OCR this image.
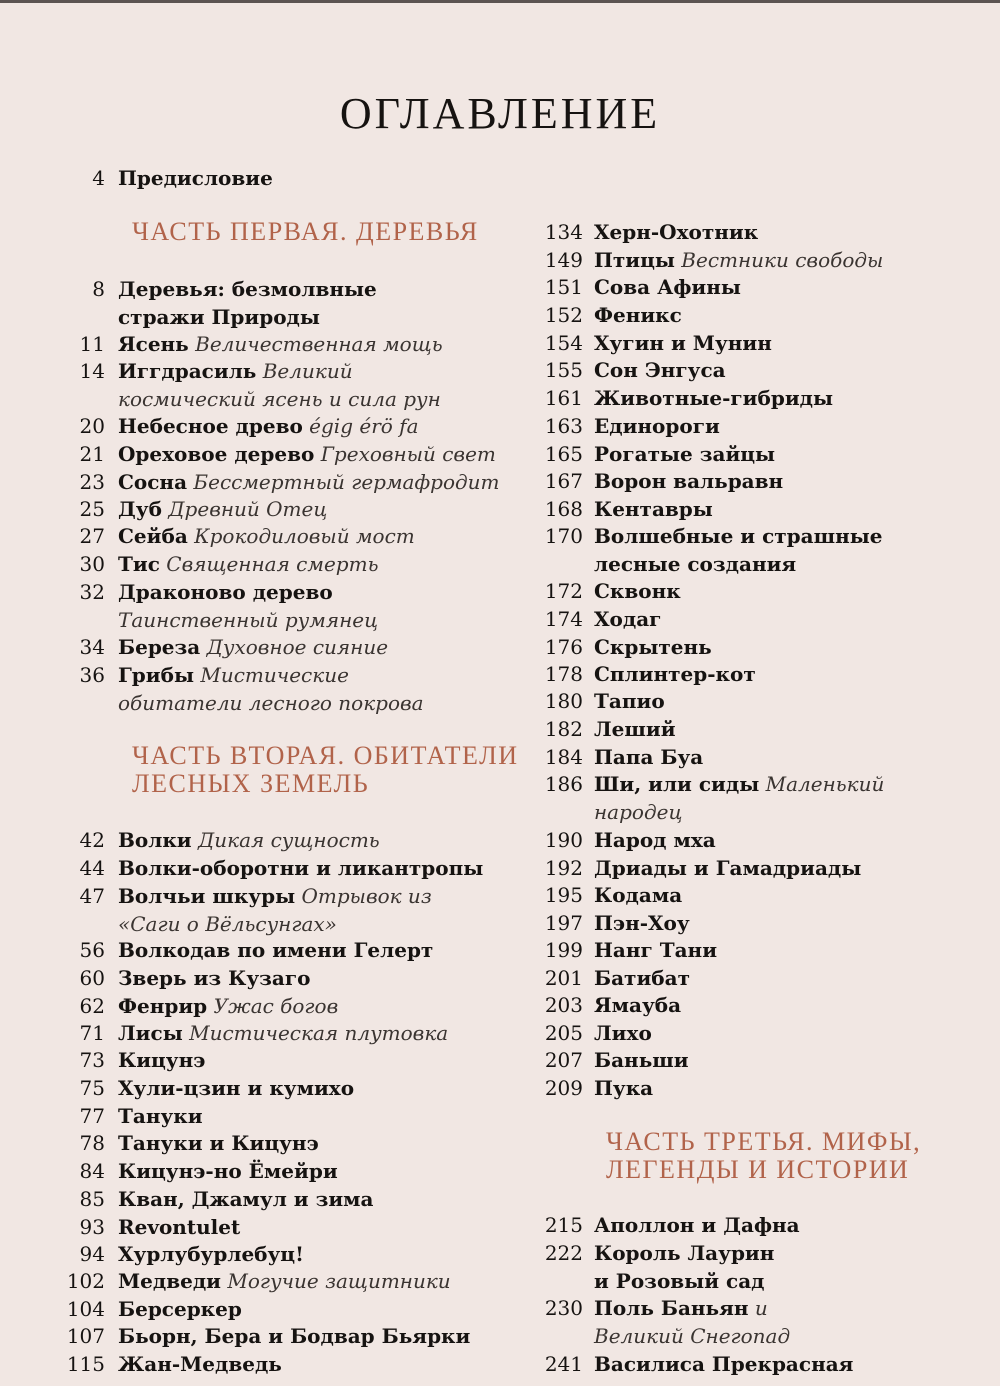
ОГЛАВЛЕНИЕ
4 Предисловие
ЧАСТЬ ПЕРВАЯ. ДЕРЕВЬЯ
8 Деревья: безмолвные стражи Природы
11 Ясень Величественная мощь
14 Иггдрасиль Великий космический ясень и сила рун
20 Небесное древо égig érö fa
21 Ореховое дерево Греховный свет
23 Сосна Бессмертный гермафродит
25 Дуб Древний Отец
27 Сейба Крокодиловый мост
30 Тис Священная смерть
32 Драконово дерево Таинственный румянец
34 Береза Духовное сияние
36 Грибы Мистические обитатели лесного покрова
ЧАСТЬ ВТОРАЯ. ОБИТАТЕЛИ ЛЕСНЫХ ЗЕМЕЛЬ
42 Волки Дикая сущность
44 Волки-оборотни и ликантропы
47 Волчьи шкуры Отрывок из «Саги о Вёльсунгах»
56 Волкодав по имени Гелерт
60 Зверь из Кузаго
62 Фенрир Ужас богов
71 Лисы Мистическая плутовка
73 Кицунэ
75 Хули-цзин и кумихо
77 Тануки
78 Тануки и Кицунэ
84 Кицунэ-но Ёмейри
85 Кван, Джамул и зима
93 Revontulet
94 Хурлубурлебуц!
102 Медведи Могучие защитники
104 Берсеркер
107 Бьорн, Бера и Бодвар Бьярки
115 Жан-Медведь
134 Херн-Охотник
149 Птицы Вестники свободы
151 Сова Афины
152 Феникс
154 Хугин и Мунин
155 Сон Энгуса
161 Животные-гибриды
163 Единороги
165 Рогатые зайцы
167 Ворон вальравн
168 Кентавры
170 Волшебные и страшные лесные создания
172 Сквонк
174 Ходаг
176 Скрытень
178 Сплинтер-кот
180 Тапио
182 Леший
184 Папа Буа
186 Ши, или сиды Маленький народец
190 Народ мха
192 Дриады и Гамадриады
195 Кодама
197 Пэн-Хоу
199 Нанг Тани
201 Батибат
203 Ямауба
205 Лихо
207 Баньши
209 Пука
ЧАСТЬ ТРЕТЬЯ. МИФЫ, ЛЕГЕНДЫ И ИСТОРИИ
215 Аполлон и Дафна
222 Король Лаурин и Розовый сад
230 Поль Баньян и Великий Снегопад
241 Василиса Прекрасная
